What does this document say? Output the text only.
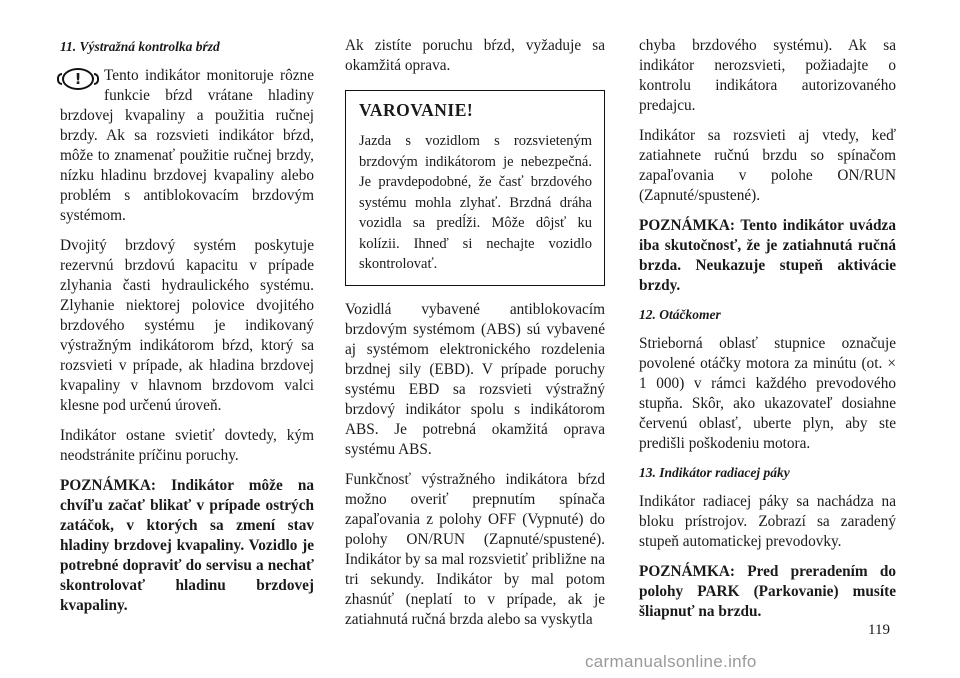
11. Výstražná kontrolka bŕzd
!	Tento indikátor monitoruje rôzne funkcie bŕzd vrátane hladiny brzdovej kvapaliny a použitia ručnej brzdy. Ak sa rozsvieti indikátor bŕzd, môže to znamenať použitie ručnej brzdy, nízku hladinu brzdovej kvapaliny alebo problém s antiblokovacím brzdovým systémom.

Dvojitý brzdový systém poskytuje rezervnú brzdovú kapacitu v prípade zlyhania časti hydraulického systému. Zlyhanie niektorej polovice dvojitého brzdového systému je indikovaný výstražným indikátorom bŕzd, ktorý sa rozsvieti v prípade, ak hladina brzdovej kvapaliny v hlavnom brzdovom valci klesne pod určenú úroveň.

Indikátor ostane svietiť dovtedy, kým neodstránite príčinu poruchy.

POZNÁMKA: Indikátor môže na chvíľu začať blikať v prípade ostrých zatáčok, v ktorých sa zmení stav hladiny brzdovej kvapaliny. Vozidlo je potrebné dopraviť do servisu a nechať skontrolovať hladinu brzdovej kvapaliny.

Ak zistíte poruchu bŕzd, vyžaduje sa okamžitá oprava.

VAROVANIE!

Jazda s vozidlom s rozsvieteným brzdovým indikátorom je nebezpečná. Je pravdepodobné, že časť brzdového systému mohla zlyhať. Brzdná dráha vozidla sa predĺži. Môže dôjsť ku kolízii. Ihneď si nechajte vozidlo skontrolovať.

Vozidlá vybavené antiblokovacím brzdovým systémom (ABS) sú vybavené aj systémom elektronického rozdelenia brzdnej sily (EBD). V prípade poruchy systému EBD sa rozsvieti výstražný brzdový indikátor spolu s indikátorom ABS. Je potrebná okamžitá oprava systému ABS.

Funkčnosť výstražného indikátora bŕzd možno overiť prepnutím spínača zapaľovania z polohy OFF (Vypnuté) do polohy ON/RUN (Zapnuté/spustené). Indikátor by sa mal rozsvietiť približne na tri sekundy. Indikátor by mal potom zhasnúť (neplatí to v prípade, ak je zatiahnutá ručná brzda alebo sa vyskytla

chyba brzdového systému). Ak sa indikátor nerozsvieti, požiadajte o kontrolu indikátora autorizovaného predajcu.

Indikátor sa rozsvieti aj vtedy, keď zatiahnete ručnú brzdu so spínačom zapaľovania v polohe ON/RUN (Zapnuté/spustené).

POZNÁMKA: Tento indikátor uvádza iba skutočnosť, že je zatiahnutá ručná brzda. Neukazuje stupeň aktivácie brzdy.

12. Otáčkomer

Strieborná oblasť stupnice označuje povolené otáčky motora za minútu (ot. × 1 000) v rámci každého prevodového stupňa. Skôr, ako ukazovateľ dosiahne červenú oblasť, uberte plyn, aby ste predišli poškodeniu motora.

13. Indikátor radiacej páky

Indikátor radiacej páky sa nachádza na bloku prístrojov. Zobrazí sa zaradený stupeň automatickej prevodovky.

POZNÁMKA: Pred preradením do polohy PARK (Parkovanie) musíte šliapnuť na brzdu.

119
carmanualsonline.info
